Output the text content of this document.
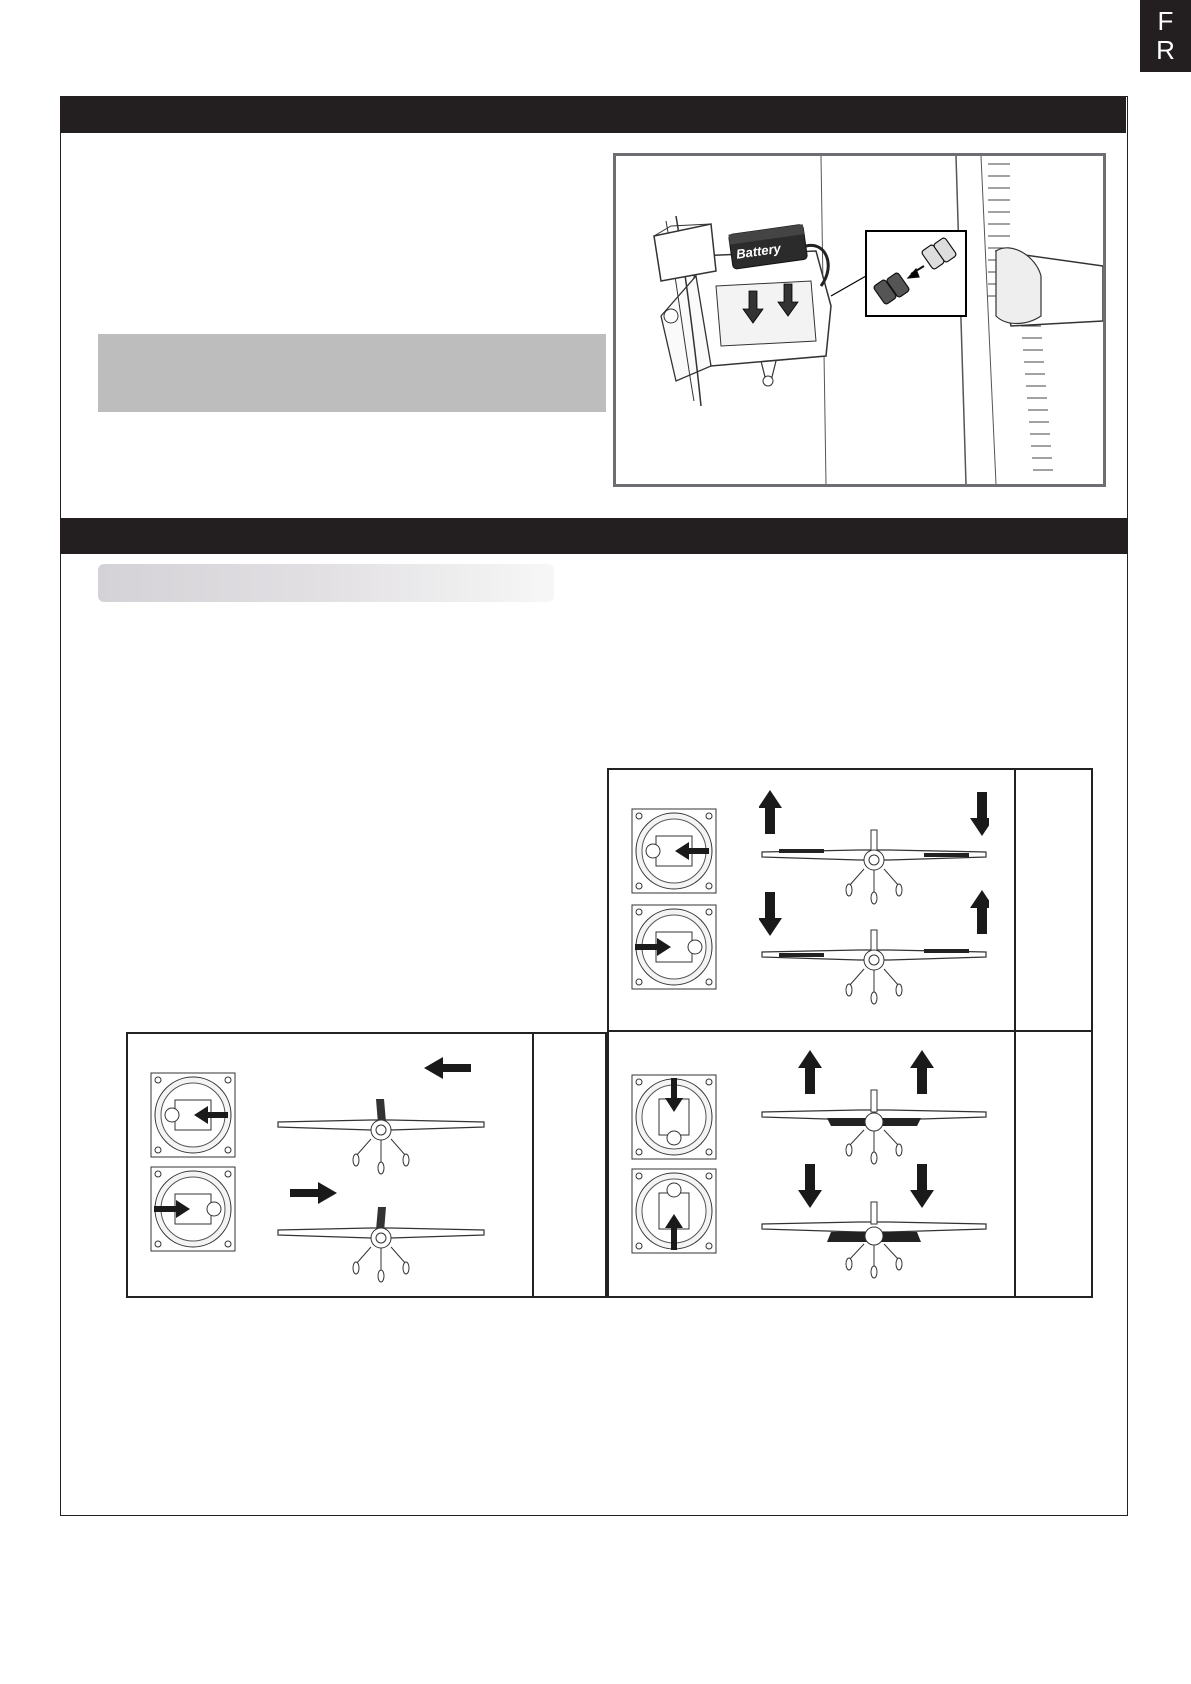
F
R
Battery
